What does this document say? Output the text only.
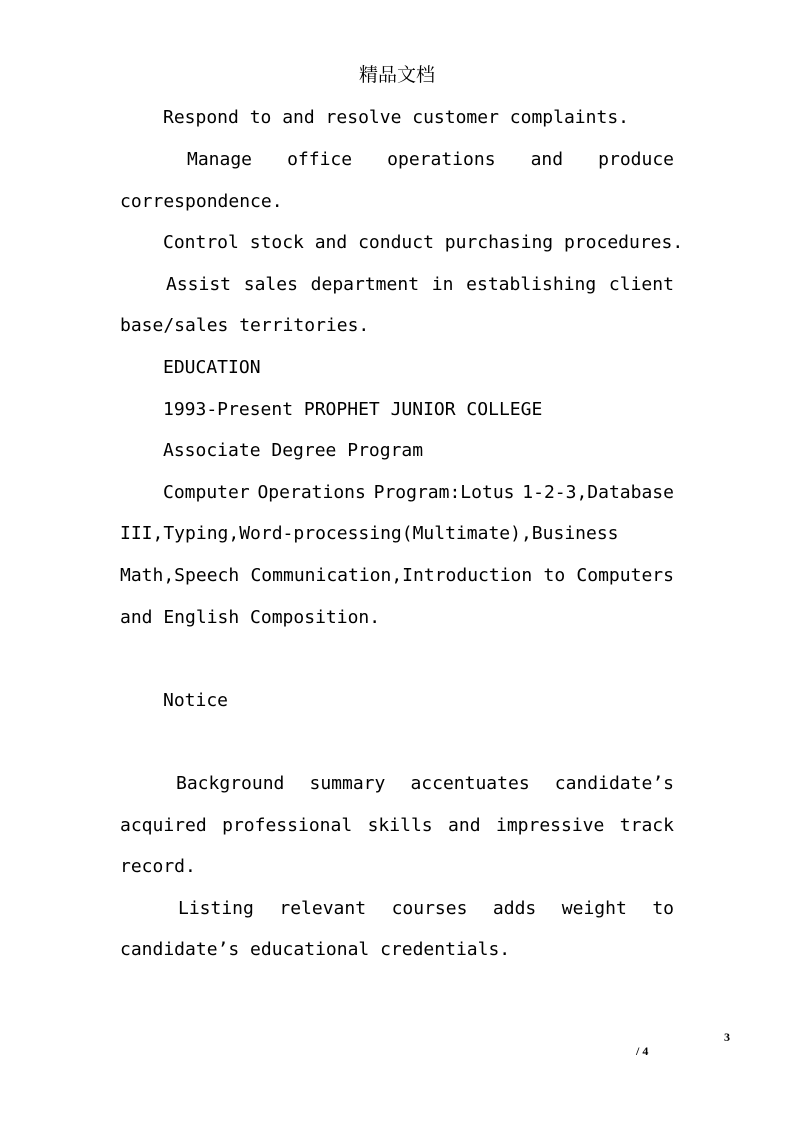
精品文档
Respond to and resolve customer complaints.
Manage office operations and produce
correspondence.
Control stock and conduct purchasing procedures.
Assist sales department in establishing client
base/sales territories.
EDUCATION
1993-Present PROPHET JUNIOR COLLEGE
Associate Degree Program
Computer Operations Program:Lotus 1-2-3,Database
III,Typing,Word-processing(Multimate),Business
Math,Speech Communication,Introduction to Computers
and English Composition.
Notice
Background summary accentuates candidate’s
acquired professional skills and impressive track
record.
Listing relevant courses adds weight to
candidate’s educational credentials.
3
/ 4
